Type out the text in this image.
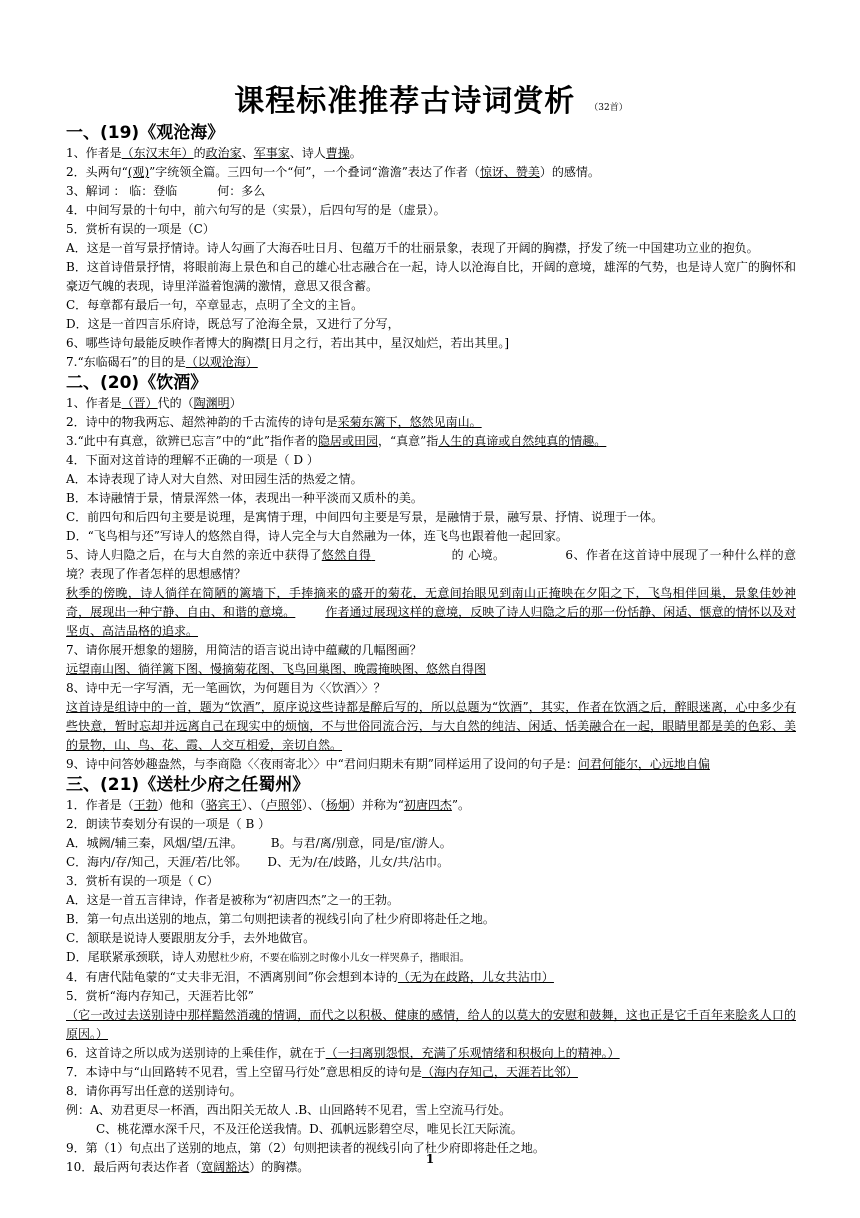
课程标准推荐古诗词赏析 （32首）
一、(19)《观沧海》
1、作者是（东汉末年）的政治家、军事家、诗人曹操。
2．头两句“(观)”字统领全篇。三四句一个“何”，一个叠词“澹澹”表达了作者（惊讶、赞美）的感情。
3、解词 ： 临：登临	何：多么
4．中间写景的十句中，前六句写的是（实景），后四句写的是（虚景）。
5．赏析有误的一项是（C）
A．这是一首写景抒情诗。诗人勾画了大海吞吐日月、包蕴万千的壮丽景象，表现了开阔的胸襟，抒发了统一中国建功立业的抱负。
B．这首诗借景抒情，将眼前海上景色和自己的雄心壮志融合在一起，诗人以沧海自比，开阔的意境，雄浑的气势，也是诗人宽广的胸怀和豪迈气魄的表现，诗里洋溢着饱满的激情，意思又很含蓄。
C．每章都有最后一句，卒章显志，点明了全文的主旨。
D．这是一首四言乐府诗，既总写了沧海全景，又进行了分写，
6、哪些诗句最能反映作者博大的胸襟[日月之行，若出其中，星汉灿烂，若出其里。]
7.“东临碣石”的目的是（以观沧海）
二、(20)《饮酒》
1、作者是（晋）代的（陶渊明）
2．诗中的物我两忘、超然神韵的千古流传的诗句是采菊东篱下，悠然见南山。
3.“此中有真意，欲辨已忘言”中的“此”指作者的隐居或田园，“真意”指人生的真谛或自然纯真的情趣。
4．下面对这首诗的理解不正确的一项是（ D ）
A．本诗表现了诗人对大自然、对田园生活的热爱之情。
B．本诗融情于景，情景浑然一体，表现出一种平淡而又质朴的美。
C．前四句和后四句主要是说理，是寓情于理，中间四句主要是写景，是融情于景，融写景、抒情、说理于一体。
D．“飞鸟相与还”写诗人的悠然自得，诗人完全与大自然融为一体，连飞鸟也跟着他一起回家。
5、诗人归隐之后，在与大自然的亲近中获得了悠然自得	的 心境。	6、作者在这首诗中展现了一种什么样的意境？表现了作者怎样的思想感情？
秋季的傍晚，诗人徜徉在简陋的篱墙下，手捧摘来的盛开的菊花，无意间抬眼见到南山正掩映在夕阳之下，飞鸟相伴回巢，景象佳妙神奇，展现出一种宁静、自由、和谐的意境。	作者通过展现这样的意境，反映了诗人归隐之后的那一份恬静、闲适、惬意的情怀以及对坚贞、高洁品格的追求。
7、请你展开想象的翅膀，用简洁的语言说出诗中蕴藏的几幅图画？
远望南山图、徜徉篱下图、慢摘菊花图、飞鸟回巢图、晚霞掩映图、悠然自得图
8、诗中无一字写酒，无一笔画饮，为何题目为〈〈饮酒〉〉？
这首诗是组诗中的一首，题为“饮酒”，原序说这些诗都是醉后写的，所以总题为“饮酒”，其实，作者在饮酒之后，醉眼迷离，心中多少有些快意，暂时忘却并远离自己在现实中的烦恼，不与世俗同流合污，与大自然的纯洁、闲适、恬美融合在一起，眼睛里都是美的色彩、美的景物，山、鸟、花、霞、人交互相爱，亲切自然。
9、诗中问答妙趣盎然，与李商隐〈〈夜雨寄北〉〉中“君问归期未有期”同样运用了设问的句子是：问君何能尔，心远地自偏
三、(21)《送杜少府之任蜀州》
1．作者是（王勃）他和（骆宾王）、（卢照邻）、（杨炯）并称为“初唐四杰”。
2．朗读节奏划分有误的一项是（ B ）
A．城阙/辅三秦，风烟/望/五津。 B。与君/离/别意，同是/宦/游人。
C．海内/存/知己，天涯/若/比邻。 D、无为/在/歧路，儿女/共/沾巾。
3．赏析有误的一项是（ C）
A．这是一首五言律诗，作者是被称为“初唐四杰”之一的王勃。
B．第一句点出送别的地点，第二句则把读者的视线引向了杜少府即将赴任之地。
C．颔联是说诗人要跟朋友分手，去外地做官。
D．尾联紧承颈联，诗人劝慰杜少府，不要在临别之时像小儿女一样哭鼻子，揩眼泪。
4．有唐代陆龟蒙的“丈夫非无泪，不洒离别间”你会想到本诗的（无为在歧路，儿女共沾巾）
5．赏析“海内存知己，天涯若比邻”
（它一改过去送别诗中那样黯然消魂的情调，而代之以积极、健康的感情，给人的以莫大的安慰和鼓舞，这也正是它千百年来脍炙人口的原因。）
6．这首诗之所以成为送别诗的上乘佳作，就在于（一扫离别怨恨，充满了乐观情绪和积极向上的精神。）
7．本诗中与“山回路转不见君，雪上空留马行处”意思相反的诗句是（海内存知己，天涯若比邻）
8．请你再写出任意的送别诗句。
例：A、劝君更尽一杯酒，西出阳关无故人 .B、山回路转不见君，雪上空流马行处。
C、桃花潭水深千尺，不及汪伦送我情。D、孤帆远影碧空尽，唯见长江天际流。
9．第（1）句点出了送别的地点，第（2）句则把读者的视线引向了杜少府即将赴任之地。
10．最后两句表达作者（宽阔豁达）的胸襟。
1
